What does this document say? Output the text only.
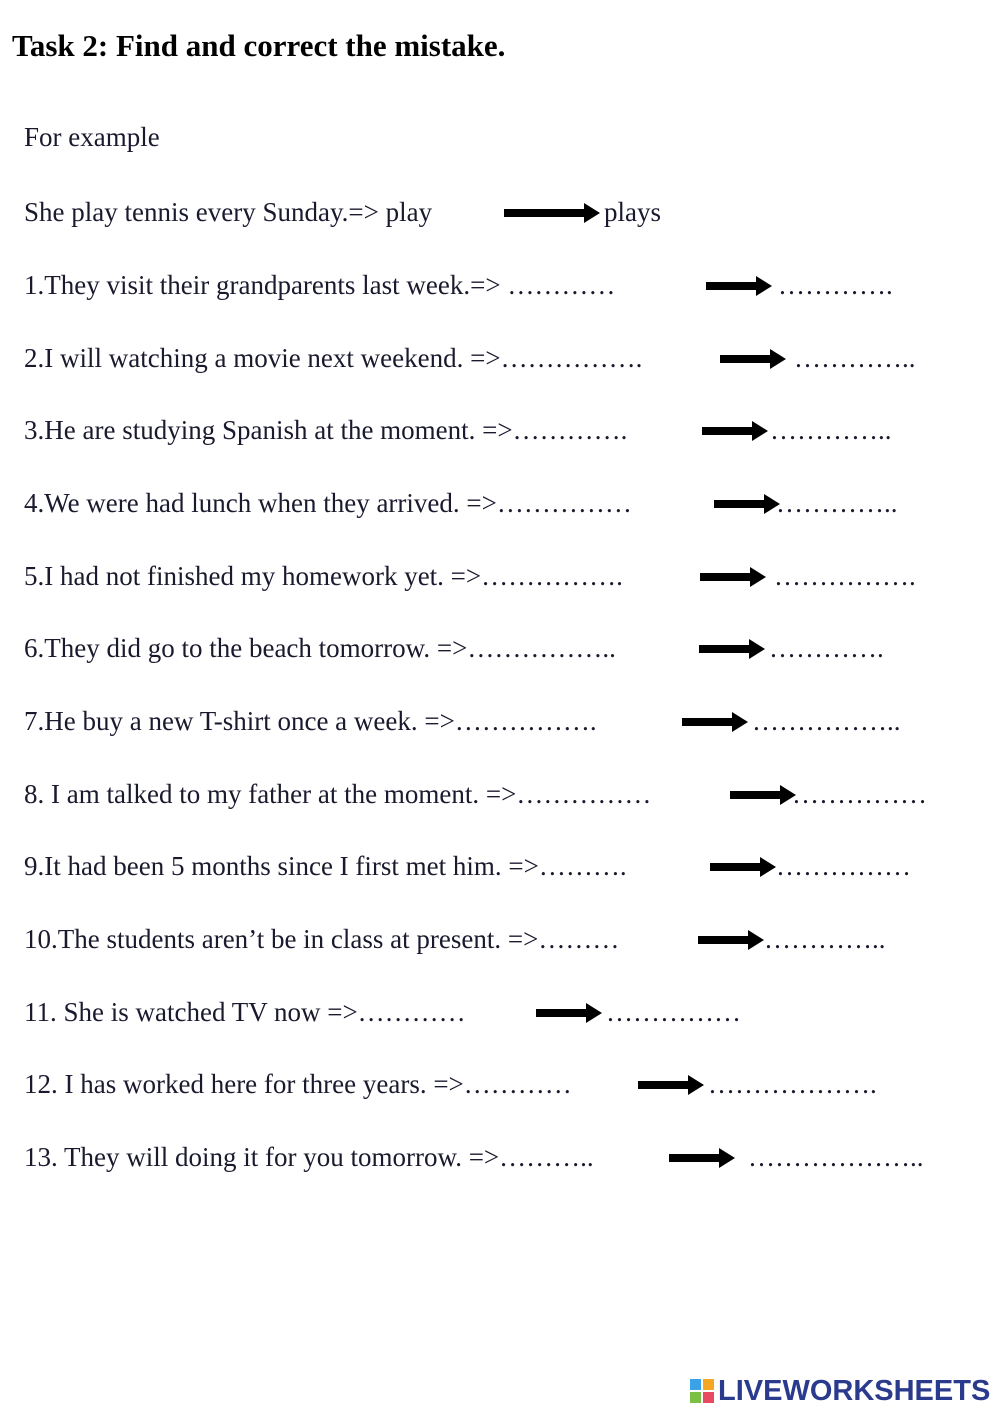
Task 2: Find and correct the mistake.
For example
She play tennis every Sunday.=> play	plays
1.They visit their grandparents last week.=> …………	………….
2.I will watching a movie next weekend. =>…………….	…………..
3.He are studying Spanish at the moment. =>………….	…………..
4.We were had lunch when they arrived. =>……………	…………..
5.I had not finished my homework yet. =>…………….	…………….
6.They did go to the beach tomorrow. =>……………..	………….
7.He buy a new T-shirt once a week. =>…………….	……………..
8. I am talked to my father at the moment. =>……………	……………
9.It had been 5 months since I first met him. =>……….	……………
10.The students aren’t be in class at present. =>………	…………..
11. She is watched TV now =>…………	……………
12. I has worked here for three years. =>…………	……………….
13. They will doing it for you tomorrow. =>………..	………………..
LIVEWORKSHEETS
